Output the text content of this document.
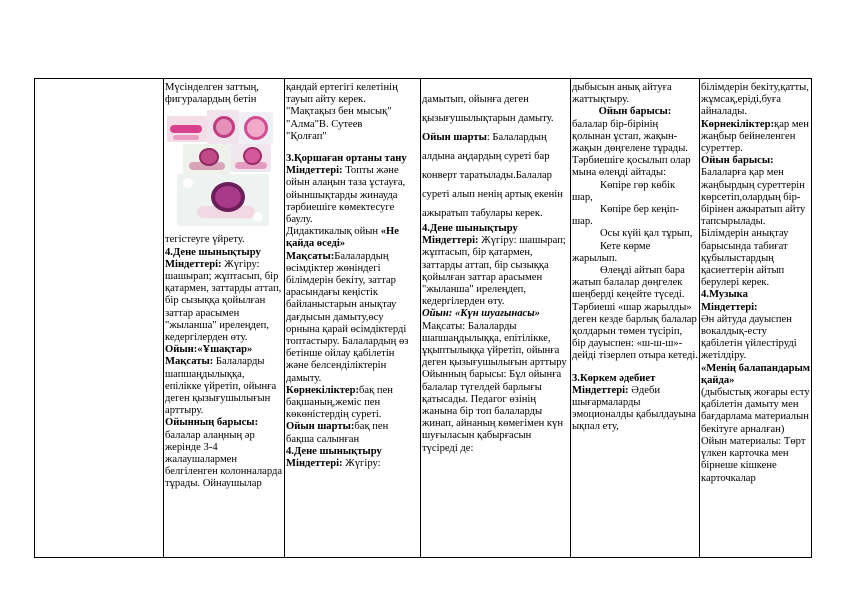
Мүсінделген заттың, фигуралардың бетін

тегістеуге үйрету.

4.Дене шынықтыру

Міндеттері: Жүгіру: шашырап; жұптасып, бір қатармен, заттарды аттап, бір сызыққа қойылған заттар арасымен "жыланша" ирелеңдеп, кедергілерден өту.

Ойын:«Ұшақтар»

Мақсаты: Балаларды шапшаңдылыққа, епілікке үйретіп, ойынға деген қызығушылығын арттыру.

Ойынның барысы: балалар алаңның әр жерінде 3-4 жалаушалармен белгіленген колонналарда тұрады. Ойнаушылар

қандай ертегігі келетінің тауып айту керек.

"Мақтақыз бен мысық"

"Алма"В. Сутеев

"Қолғап"

3.Қоршаған ортаны тану

Міндеттері: Топты және ойын алаңын таза ұстауға, ойыншықтарды жинауда тәрбиешіге көмектесуге баулу.

Дидактикалық ойын «Не қайда өседі»

Мақсаты:Балалардың өсімдіктер жөніндегі білімдерін бекіту, заттар арасындағы кеңістік байланыстарын анықтау дағдысын дамыту,өсу орнына қарай өсімдіктерді топтастыру. Балалардың өз бетінше ойлау қабілетін және белсенділіктерін дамыту.

Көрнекіліктер:бақ пен бақшаның,жеміс пен көкөністердің суреті.

Ойын шарты:бақ пен бақша салынған

4.Дене шынықтыру

Міндеттері: Жүгіру:

дамытып, ойынға деген қызығушылықтарын дамыту.

Ойын шарты: Балалардың алдына аңдардың суреті бар конверт таратылады.Балалар суреті алып ненің артық екенін ажыратып табулары керек.

4.Дене шынықтыру

Міндеттері: Жүгіру: шашырап; жұптасып, бір қатармен, заттарды аттап, бір сызыққа қойылған заттар арасымен "жыланша" ирелеңдеп, кедергілерден өту.

Ойын: «Күн шуағынасы»

Мақсаты: Балаларды шапшаңдылыққа, епітілікке, ұқыптылыққа үйретіп, ойынға деген қызығушылығын арттыру Ойынның барысы: Бұл ойынға балалар түгелдей барлығы қатысады. Педагог өзінің жанына бір топ балаларды жинап, айнаның көмегімен күн шуғыласын қабырғасын түсіреді де:

дыбысын анық айтуға жаттықтыру.

Ойын барысы:

балалар бір-бірінің қолынан ұстап, жақын-жақын дөңгелене тұрады. Тәрбиешіге қосылып олар мына өлеңді айтады:

Көпіре гөр көбік шар,

Көпіре бер кеңіп-шар.

Осы күйі қал тұрып,

Кете көрме жарылып.

Өлеңді айтып бара жатып балалар дөңгелек шеңберді кеңейте түседі. Тәрбиеші «шар жарылды» деген кезде барлық балалар қолдарын төмен түсіріп, бір дауыспен: «ш-ш-ш»-дейді тізерлеп отыра кетеді.

3.Көркем әдебиет

Міндеттері: Әдеби шығармаларды эмоционалды қабылдауына ықпал ету,

білімдерін бекіту,қатты, жұмсақ,еріді,буға айналады.

Көрнекіліктер:қар мен жаңбыр бейнеленген суреттер.

Ойын барысы: Балаларға қар мен жаңбырдың суреттерін көрсетіп,олардың бір-бірінен ажыратып айту тапсырылады. Білімдерін анықтау барысында табиғат құбылыстардың қасиеттерін айтып берулері керек.

4.Музыка

Міндеттері:

Ән айтуда дауыспен вокалдық-есту қабілетін үйлестіруді жетілдіру.

«Менің балапандарым қайда»

(дыбыстық жоғары есту қабілетін дамыту мен бағдарлама материалын бекітуге арналған)

Ойын материалы: Төрт үлкен карточка мен бірнеше кішкене карточкалар
